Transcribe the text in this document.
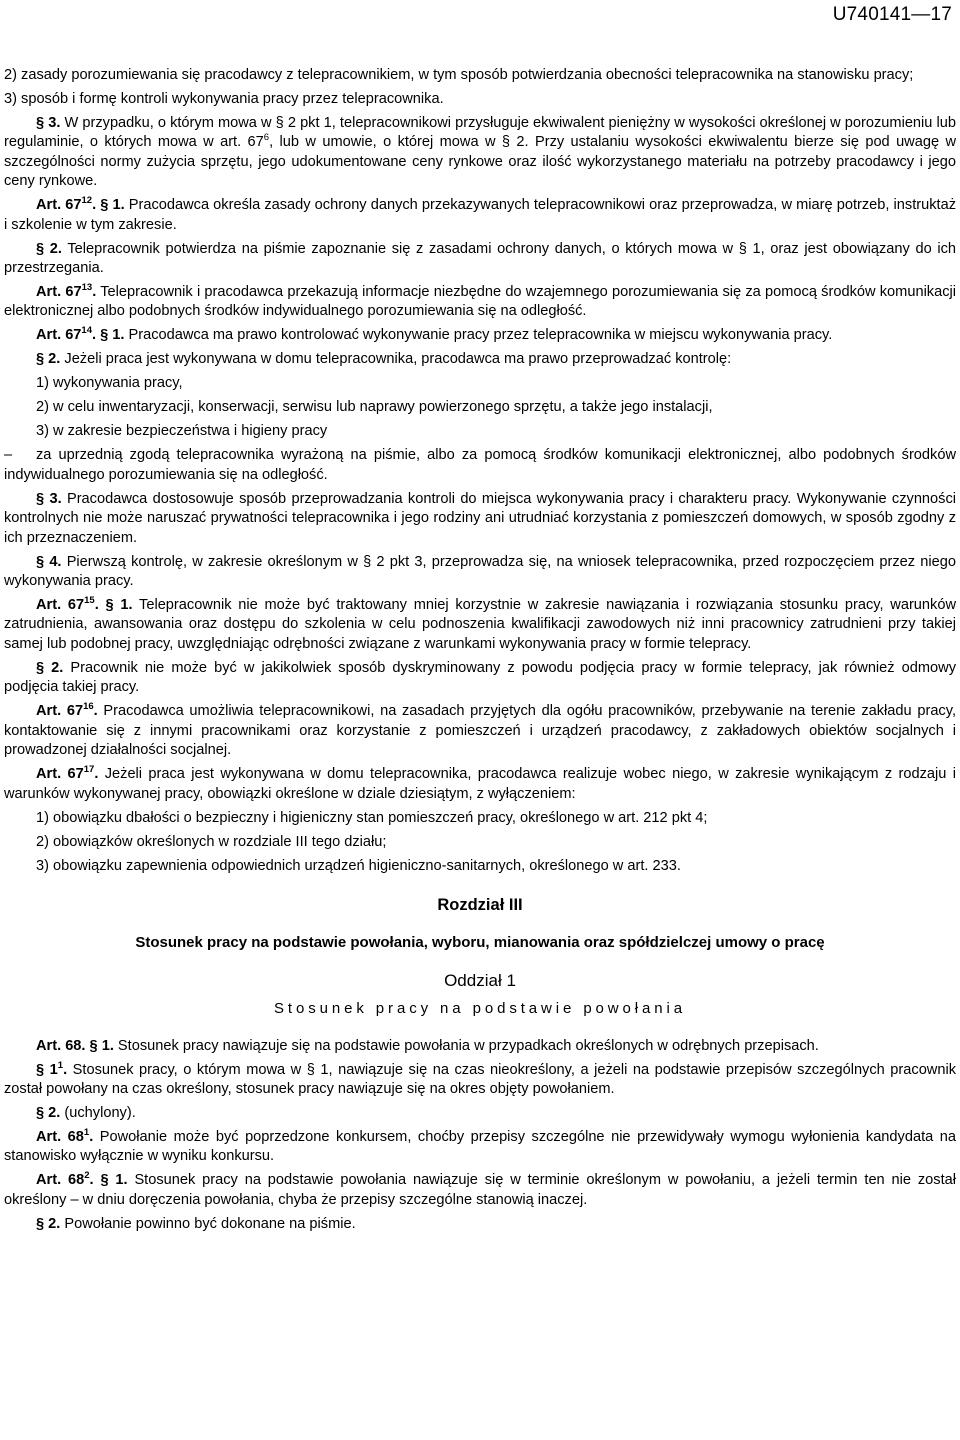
U740141—17

2) zasady porozumiewania się pracodawcy z telepracownikiem, w tym sposób potwierdzania obecności telepracownika na stanowisku pracy;

3) sposób i formę kontroli wykonywania pracy przez telepracownika.

§ 3. W przypadku, o którym mowa w § 2 pkt 1, telepracownikowi przysługuje ekwiwalent pieniężny w wysokości określonej w porozumieniu lub regulaminie, o których mowa w art. $67^6$, lub w umowie, o której mowa w § 2. Przy ustalaniu wysokości ekwiwalentu bierze się pod uwagę w szczególności normy zużycia sprzętu, jego udokumentowane ceny rynkowe oraz ilość wykorzystanego materiału na potrzeby pracodawcy i jego ceny rynkowe.

Art. $67^{12}$. § 1. Pracodawca określa zasady ochrony danych przekazywanych telepracownikowi oraz przeprowadza, w miarę potrzeb, instruktaż i szkolenie w tym zakresie.

§ 2. Telepracownik potwierdza na piśmie zapoznanie się z zasadami ochrony danych, o których mowa w § 1, oraz jest obowiązany do ich przestrzegania.

Art. $67^{13}$. Telepracownik i pracodawca przekazują informacje niezbędne do wzajemnego porozumiewania się za pomocą środków komunikacji elektronicznej albo podobnych środków indywidualnego porozumiewania się na odległość.

Art. $67^{14}$. § 1. Pracodawca ma prawo kontrolować wykonywanie pracy przez telepracownika w miejscu wykonywania pracy.

§ 2. Jeżeli praca jest wykonywana w domu telepracownika, pracodawca ma prawo przeprowadzać kontrolę:

1) wykonywania pracy,

2) w celu inwentaryzacji, konserwacji, serwisu lub naprawy powierzonego sprzętu, a także jego instalacji,

3) w zakresie bezpieczeństwa i higieny pracy

– za uprzednią zgodą telepracownika wyrażoną na piśmie, albo za pomocą środków komunikacji elektronicznej, albo podobnych środków indywidualnego porozumiewania się na odległość.

§ 3. Pracodawca dostosowuje sposób przeprowadzania kontroli do miejsca wykonywania pracy i charakteru pracy. Wykonywanie czynności kontrolnych nie może naruszać prywatności telepracownika i jego rodziny ani utrudniać korzystania z pomieszczeń domowych, w sposób zgodny z ich przeznaczeniem.

§ 4. Pierwszą kontrolę, w zakresie określonym w § 2 pkt 3, przeprowadza się, na wniosek telepracownika, przed rozpoczęciem przez niego wykonywania pracy.

Art. $67^{15}$. § 1. Telepracownik nie może być traktowany mniej korzystnie w zakresie nawiązania i rozwiązania stosunku pracy, warunków zatrudnienia, awansowania oraz dostępu do szkolenia w celu podnoszenia kwalifikacji zawodowych niż inni pracownicy zatrudnieni przy takiej samej lub podobnej pracy, uwzględniając odrębności związane z warunkami wykonywania pracy w formie telepracy.

§ 2. Pracownik nie może być w jakikolwiek sposób dyskryminowany z powodu podjęcia pracy w formie telepracy, jak również odmowy podjęcia takiej pracy.

Art. $67^{16}$. Pracodawca umożliwia telepracownikowi, na zasadach przyjętych dla ogółu pracowników, przebywanie na terenie zakładu pracy, kontaktowanie się z innymi pracownikami oraz korzystanie z pomieszczeń i urządzeń pracodawcy, z zakładowych obiektów socjalnych i prowadzonej działalności socjalnej.

Art. $67^{17}$. Jeżeli praca jest wykonywana w domu telepracownika, pracodawca realizuje wobec niego, w zakresie wynikającym z rodzaju i warunków wykonywanej pracy, obowiązki określone w dziale dziesiątym, z wyłączeniem:

1) obowiązku dbałości o bezpieczny i higieniczny stan pomieszczeń pracy, określonego w art. 212 pkt 4;

2) obowiązków określonych w rozdziale III tego działu;

3) obowiązku zapewnienia odpowiednich urządzeń higieniczno-sanitarnych, określonego w art. 233.

Rozdział III

Stosunek pracy na podstawie powołania, wyboru, mianowania oraz spółdzielczej umowy o pracę

Oddział 1

Stosunek pracy na podstawie powołania

Art. 68. § 1. Stosunek pracy nawiązuje się na podstawie powołania w przypadkach określonych w odrębnych przepisach.

§ $1^1$. Stosunek pracy, o którym mowa w § 1, nawiązuje się na czas nieokreślony, a jeżeli na podstawie przepisów szczególnych pracownik został powołany na czas określony, stosunek pracy nawiązuje się na okres objęty powołaniem.

§ 2. (uchylony).

Art. $68^1$. Powołanie może być poprzedzone konkursem, choćby przepisy szczególne nie przewidywały wymogu wyłonienia kandydata na stanowisko wyłącznie w wyniku konkursu.

Art. $68^2$. § 1. Stosunek pracy na podstawie powołania nawiązuje się w terminie określonym w powołaniu, a jeżeli termin ten nie został określony – w dniu doręczenia powołania, chyba że przepisy szczególne stanowią inaczej.

§ 2. Powołanie powinno być dokonane na piśmie.
